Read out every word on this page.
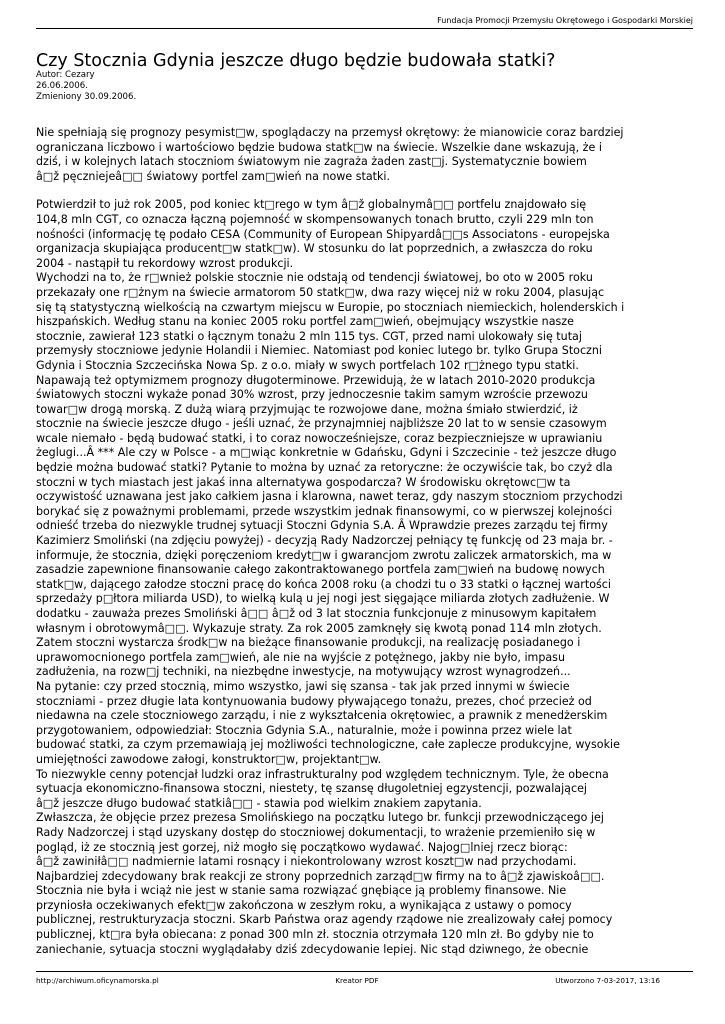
Fundacja Promocji Przemysłu Okrętowego i Gospodarki Morskiej
Czy Stocznia Gdynia jeszcze długo będzie budowała statki?
Autor: Cezary
26.06.2006.
Zmieniony 30.09.2006.

Nie spełniają się prognozy pesymist□w, spoglądaczy na przemysł okrętowy: że mianowicie coraz bardziej
ograniczana liczbowo i wartościowo będzie budowa statk□w na świecie. Wszelkie dane wskazują, że i
dziś, i w kolejnych latach stoczniom światowym nie zagraża żaden zast□j. Systematycznie bowiem
â□ž pęczniejeâ□□ światowy portfel zam□wień na nowe statki.

Potwierdził to już rok 2005, pod koniec kt□rego w tym â□ž globalnymâ□□ portfelu znajdowało się
104,8 mln CGT, co oznacza łączną pojemność w skompensowanych tonach brutto, czyli 229 mln ton
nośności (informację tę podało CESA (Community of European Shipyardâ□□s Associatons - europejska
organizacja skupiająca producent□w statk□w). W stosunku do lat poprzednich, a zwłaszcza do roku
2004 - nastąpił tu rekordowy wzrost produkcji.

Wychodzi na to, że r□wnież polskie stocznie nie odstają od tendencji światowej, bo oto w 2005 roku
przekazały one r□żnym na świecie armatorom 50 statk□w, dwa razy więcej niż w roku 2004, plasując
się tą statystyczną wielkością na czwartym miejscu w Europie, po stoczniach niemieckich, holenderskich i
hiszpańskich. Według stanu na koniec 2005 roku portfel zam□wień, obejmujący wszystkie nasze
stocznie, zawierał 123 statki o łącznym tonażu 2 mln 115 tys. CGT, przed nami ulokowały się tutaj
przemysły stoczniowe jedynie Holandii i Niemiec. Natomiast pod koniec lutego br. tylko Grupa Stoczni
Gdynia i Stocznia Szczecińska Nowa Sp. z o.o. miały w swych portfelach 102 r□żnego typu statki.
Napawają też optymizmem prognozy długoterminowe. Przewidują, że w latach 2010-2020 produkcja
światowych stoczni wykaże ponad 30% wzrost, przy jednoczesnie takim samym wzroście przewozu
towar□w drogą morską. Z dużą wiarą przyjmując te rozwojowe dane, można śmiało stwierdzić, iż
stocznie na świecie jeszcze długo - jeśli uznać, że przynajmniej najbliższe 20 lat to w sensie czasowym
wcale niemało - będą budować statki, i to coraz nowocześniejsze, coraz bezpieczniejsze w uprawianiu
żeglugi...Â *** Ale czy w Polsce - a m□wiąc konkretnie w Gdańsku, Gdyni i Szczecinie - też jeszcze długo
będzie można budować statki? Pytanie to można by uznać za retoryczne: że oczywiście tak, bo czyż dla
stoczni w tych miastach jest jakaś inna alternatywa gospodarcza? W środowisku okrętowc□w ta
oczywistość uznawana jest jako całkiem jasna i klarowna, nawet teraz, gdy naszym stoczniom przychodzi
borykać się z poważnymi problemami, przede wszystkim jednak finansowymi, co w pierwszej kolejności
odnieść trzeba do niezwykle trudnej sytuacji Stoczni Gdynia S.A. Â Wprawdzie prezes zarządu tej firmy
Kazimierz Smoliński (na zdjęciu powyżej) - decyzją Rady Nadzorczej pełniący tę funkcję od 23 maja br. -
informuje, że stocznia, dzięki poręczeniom kredyt□w i gwarancjom zwrotu zaliczek armatorskich, ma w
zasadzie zapewnione finansowanie całego zakontraktowanego portfela zam□wień na budowę nowych
statk□w, dającego załodze stoczni pracę do końca 2008 roku (a chodzi tu o 33 statki o łącznej wartości
sprzedaży p□łtora miliarda USD), to wielką kulą u jej nogi jest sięgające miliarda złotych zadłużenie. W
dodatku - zauważa prezes Smoliński â□□ â□ž od 3 lat stocznia funkcjonuje z minusowym kapitałem
własnym i obrotowymâ□□. Wykazuje straty. Za rok 2005 zamknęły się kwotą ponad 114 mln złotych.
Zatem stoczni wystarcza środk□w na bieżące finansowanie produkcji, na realizację posiadanego i
uprawomocnionego portfela zam□wień, ale nie na wyjście z potężnego, jakby nie było, impasu
zadłużenia, na rozw□j techniki, na niezbędne inwestycje, na motywujący wzrost wynagrodzeń...

Na pytanie: czy przed stocznią, mimo wszystko, jawi się szansa - tak jak przed innymi w świecie
stoczniami - przez długie lata kontynuowania budowy pływającego tonażu, prezes, choć przecież od
niedawna na czele stoczniowego zarządu, i nie z wykształcenia okrętowiec, a prawnik z menedżerskim
przygotowaniem, odpowiedział: Stocznia Gdynia S.A., naturalnie, może i powinna przez wiele lat
budować statki, za czym przemawiają jej możliwości technologiczne, całe zaplecze produkcyjne, wysokie
umiejętności zawodowe załogi, konstruktor□w, projektant□w.

To niezwykle cenny potencjał ludzki oraz infrastrukturalny pod względem technicznym. Tyle, że obecna
sytuacja ekonomiczno-finansowa stoczni, niestety, tę szansę długoletniej egzystencji, pozwalającej
â□ž jeszcze długo budować statkiâ□□ - stawia pod wielkim znakiem zapytania.

Zwłaszcza, że objęcie przez prezesa Smolińskiego na początku lutego br. funkcji przewodniczącego jej
Rady Nadzorczej i stąd uzyskany dostęp do stoczniowej dokumentacji, to wrażenie przemieniło się w
pogląd, iż ze stocznią jest gorzej, niż mogło się początkowo wydawać. Najog□lniej rzecz biorąc:
â□ž zawiniłâ□□ nadmiernie latami rosnący i niekontrolowany wzrost koszt□w nad przychodami.
Najbardziej zdecydowany brak reakcji ze strony poprzednich zarząd□w firmy na to â□ž zjawiskoâ□□.
Stocznia nie była i wciąż nie jest w stanie sama rozwiązać gnębiące ją problemy finansowe. Nie
przyniosła oczekiwanych efekt□w zakończona w zeszłym roku, a wynikająca z ustawy o pomocy
publicznej, restrukturyzacja stoczni. Skarb Państwa oraz agendy rządowe nie zrealizowały całej pomocy
publicznej, kt□ra była obiecana: z ponad 300 mln zł. stocznia otrzymała 120 mln zł. Bo gdyby nie to
zaniechanie, sytuacja stoczni wyglądałaby dziś zdecydowanie lepiej. Nic stąd dziwnego, że obecnie

http://archiwum.oficynamorska.pl	Kreator PDF	Utworzono 7-03-2017, 13:16
